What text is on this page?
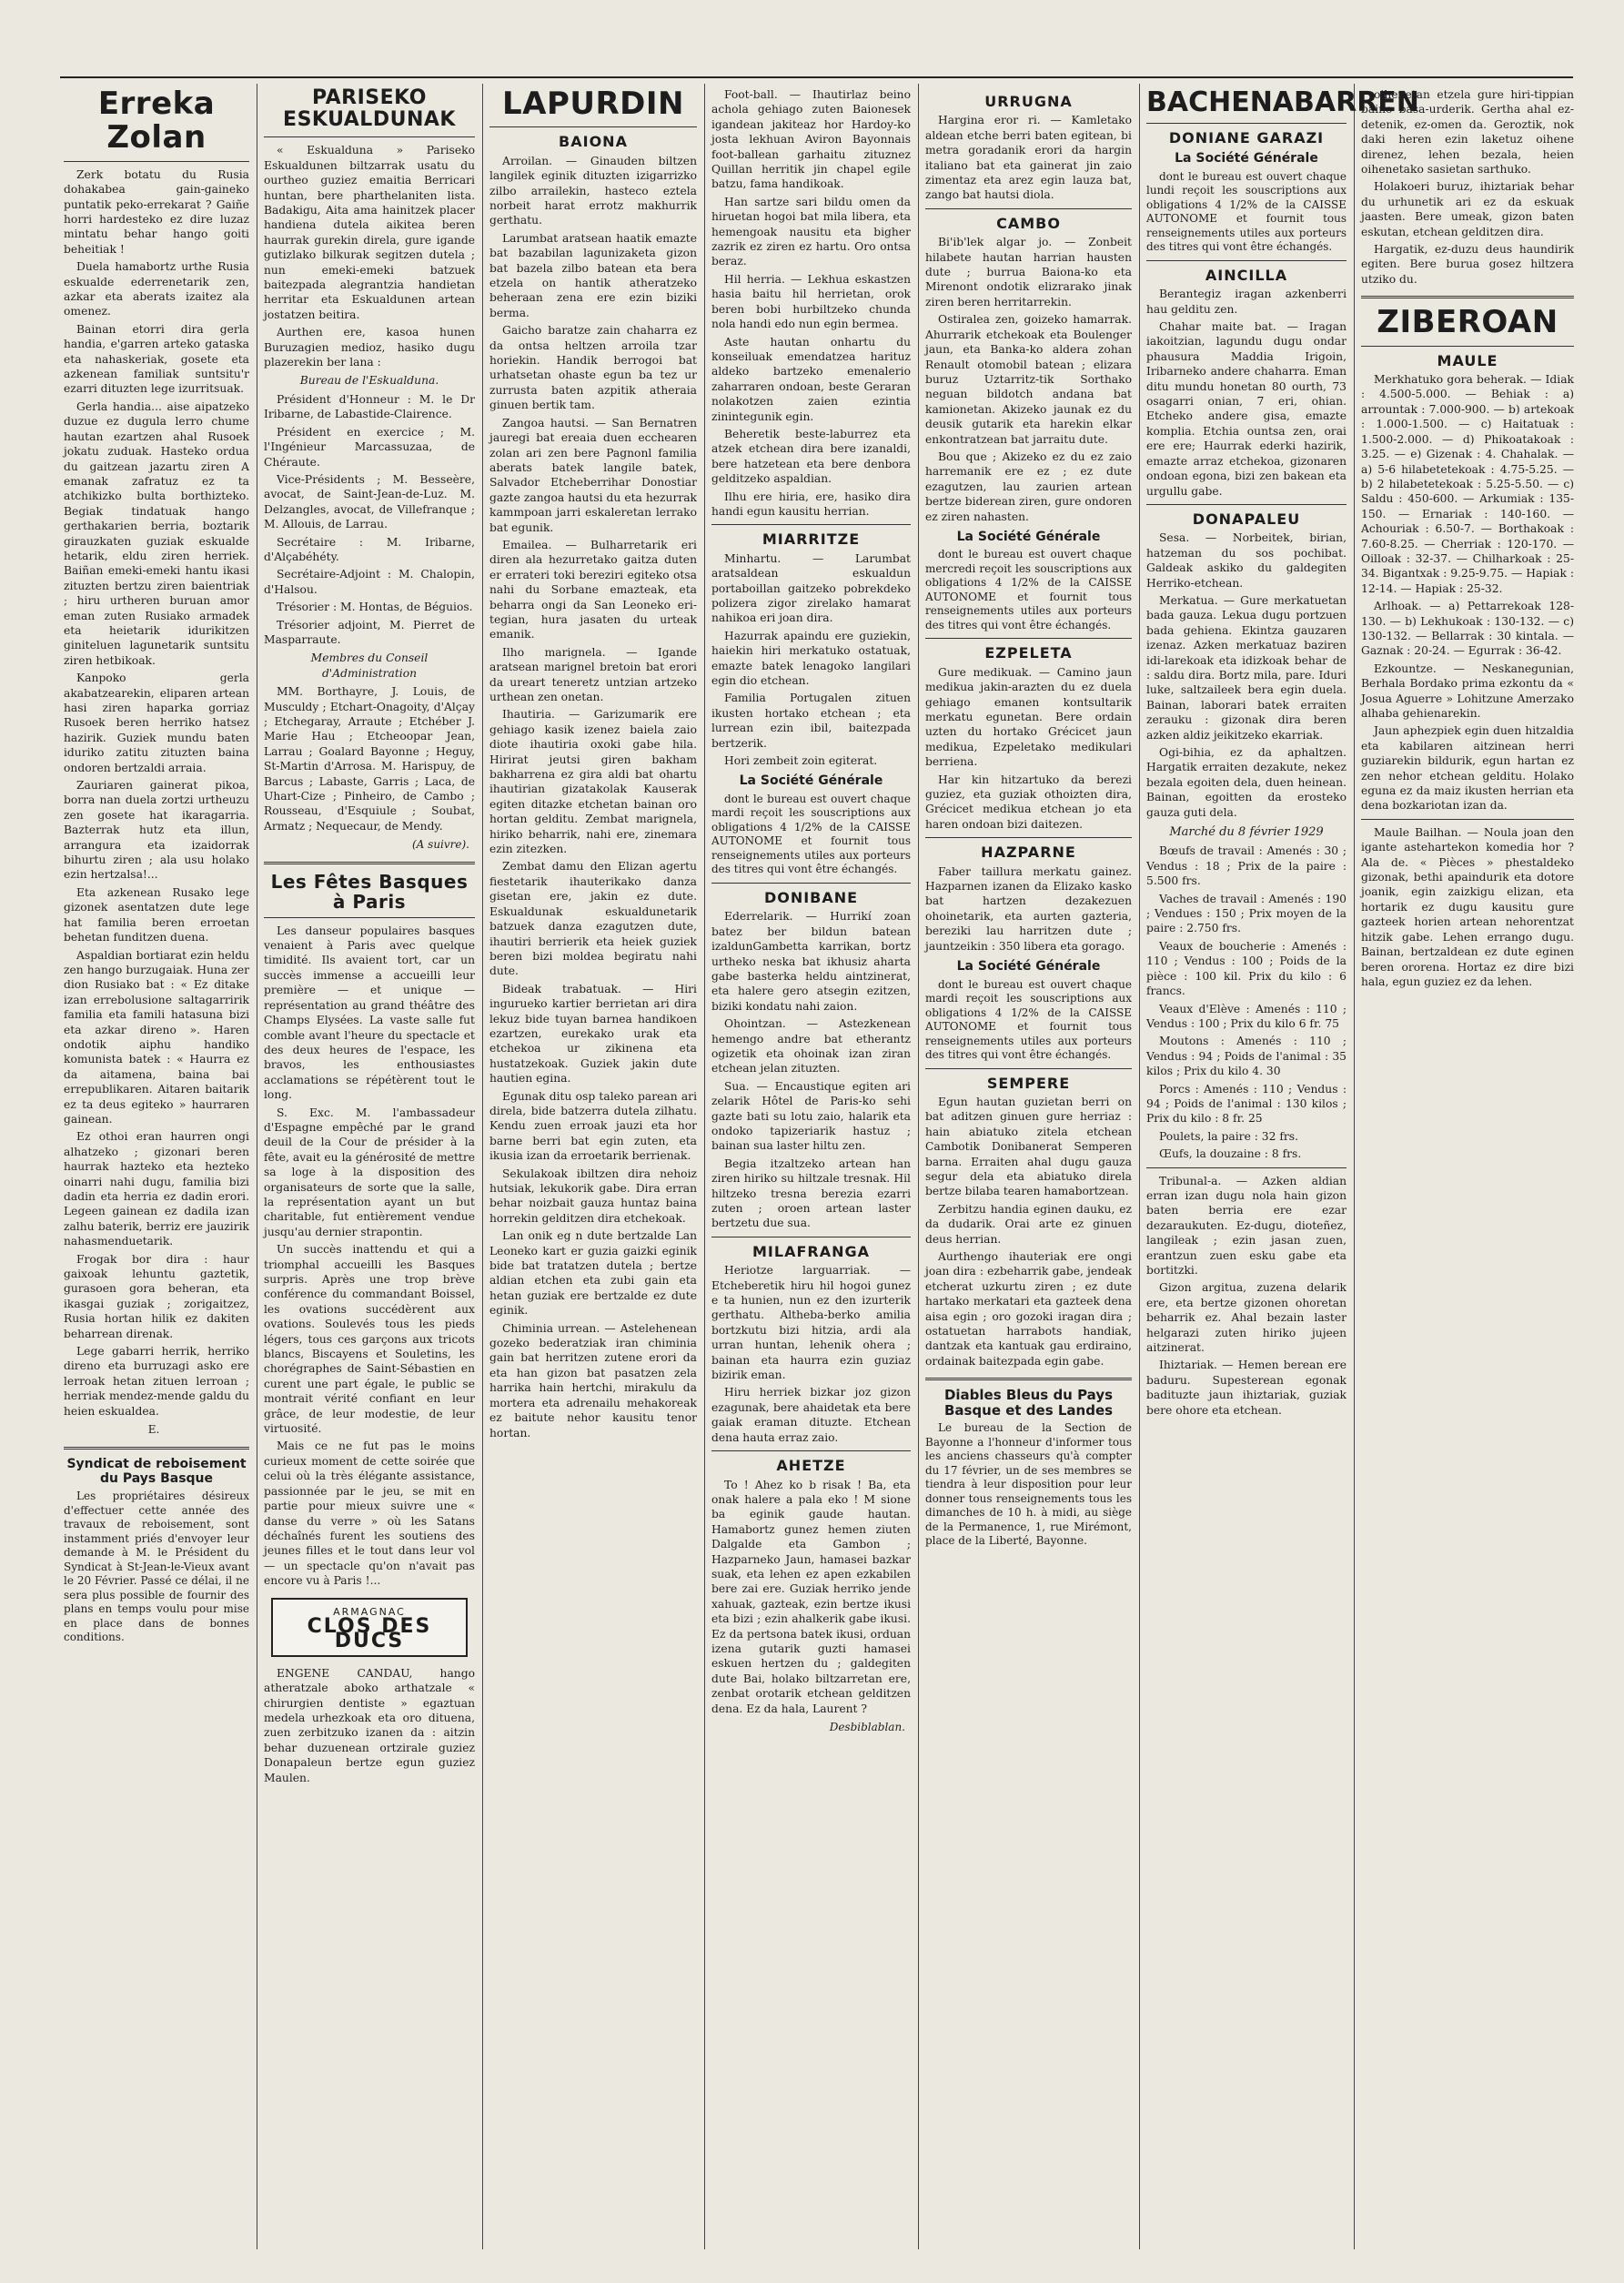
Erreka Zolan

Zerk botatu du Rusia dohakabea gain-gaineko puntatik peko-errekarat ? Gaiñe horri hardesteko ez dire luzaz mintatu behar hango goiti beheitiak !

Duela hamabortz urthe Rusia eskualde ederrenetarik zen, azkar eta aberats izaitez ala omenez.

Bainan etorri dira gerla handia, e'garren arteko gataska eta nahaskeriak, gosete eta azkenean familiak suntsitu'r ezarri dituzten lege izurritsuak.

Gerla handia... aise aipatzeko duzue ez dugula lerro chume hautan ezartzen ahal Rusoek jokatu zuduak. Hasteko ordua du gaitzean jazartu ziren A emanak zafratuz ez ta atchikizko bulta borthizteko. Begiak tindatuak hango gerthakarien berria, boztarik girauzkaten guziak eskualde hetarik, eldu ziren herriek. Baiñan emeki-emeki hantu ikasi zituzten bertzu ziren baientriak ; hiru urtheren buruan amor eman zuten Rusiako armadek eta heietarik idurikitzen giniteluen lagunetarik suntsitu ziren hetbikoak.

Kanpoko gerla akabatzearekin, eliparen artean hasi ziren haparka gorriaz Rusoek beren herriko hatsez hazirik. Guziek mundu baten iduriko zatitu zituzten baina ondoren bertzaldi arraia.

Zauriaren gainerat pikoa, borra nan duela zortzi urtheuzu zen gosete hat ikaragarria. Bazterrak hutz eta illun, arrangura eta izaidorrak bihurtu ziren ; ala usu holako ezin hertzalsa!...

Eta azkenean Rusako lege gizonek asentatzen dute lege hat familia beren erroetan behetan funditzen duena.

Aspaldian bortiarat ezin heldu zen hango burzugaiak. Huna zer dion Rusiako bat : « Ez ditake izan errebolusione saltagarririk familia eta famili hatasuna bizi eta azkar direno ». Haren ondotik aiphu handiko komunista batek : « Haurra ez da aitamena, baina bai errepublikaren. Aitaren baitarik ez ta deus egiteko » haurraren gainean.

Ez othoi eran haurren ongi alhatzeko ; gizonari beren haurrak hazteko eta hezteko oinarri nahi dugu, familia bizi dadin eta herria ez dadin erori. Legeen gainean ez dadila izan zalhu baterik, berriz ere jauzirik nahasmenduetarik.

Frogak bor dira : haur gaixoak lehuntu gaztetik, gurasoen gora beheran, eta ikasgai guziak ; zorigaitzez, Rusia hortan hilik ez dakiten beharrean direnak.

Lege gabarri herrik, herriko direno eta burruzagi asko ere lerroak hetan zituen lerroan ; herriak mendez-mende galdu du heien eskualdea.

E.
Syndicat de reboisement du Pays Basque
Les propriétaires désireux d'effectuer cette année des travaux de reboisement, sont instamment priés d'envoyer leur demande à M. le Président du Syndicat à St-Jean-le-Vieux avant le 20 Février. Passé ce délai, il ne sera plus possible de fournir des plans en temps voulu pour mise en place dans de bonnes conditions.
PARISEKO ESKUALDUNAK

« Eskualduna » Pariseko Eskualdunen biltzarrak usatu du ourtheo guziez emaitia Berricari huntan, bere pharthelaniten lista. Badakigu, Aita ama hainitzek placer handiena dutela aikitea beren haurrak gurekin direla, gure igande gutizlako bilkurak segitzen dutela ; nun emeki-emeki batzuek baitezpada alegrantzia handietan herritar eta Eskualdunen artean jostatzen beitira.

Aurthen ere, kasoa hunen Buruzagien medioz, hasiko dugu plazerekin ber lana :

Bureau de l'Eskualduna.

Président d'Honneur : M. le Dr Iribarne, de Labastide-Clairence.

Président en exercice ; M. l'Ingénieur Marcassuzaa, de Chéraute.

Vice-Présidents ; M. Besseère, avocat, de Saint-Jean-de-Luz. M. Delzangles, avocat, de Villefranque ; M. Allouis, de Larrau.

Secrétaire : M. Iribarne, d'Alçabéhéty.

Secrétaire-Adjoint : M. Chalopin, d'Halsou.

Trésorier : M. Hontas, de Béguios.

Trésorier adjoint, M. Pierret de Masparraute.

Membres du Conseil d'Administration
MM. Borthayre, J. Louis, de Musculdy ; Etchart-Onagoity, d'Alçay ; Etchegaray, Arraute ; Etchéber J. Marie Hau ; Etcheoopar Jean, Larrau ; Goalard Bayonne ; Heguy, St-Martin d'Arrosa. M. Harispuy, de Barcus ; Labaste, Garris ; Laca, de Uhart-Cize ; Pinheiro, de Cambo ; Rousseau, d'Esquiule ; Soubat, Armatz ; Nequecaur, de Mendy.
(A suivre).
Les Fêtes Basques à Paris

Les danseur populaires basques venaient à Paris avec quelque timidité. Ils avaient tort, car un succès immense a accueilli leur première — et unique — représentation au grand théâtre des Champs Elysées. La vaste salle fut comble avant l'heure du spectacle et des deux heures de l'espace, les bravos, les enthousiastes acclamations se répétèrent tout le long.

S. Exc. M. l'ambassadeur d'Espagne empêché par le grand deuil de la Cour de présider à la fête, avait eu la générosité de mettre sa loge à la disposition des organisateurs de sorte que la salle, la représentation ayant un but charitable, fut entièrement vendue jusqu'au dernier strapontin.

Un succès inattendu et qui a triomphal accueilli les Basques surpris. Après une trop brève conférence du commandant Boissel, les ovations succédèrent aux ovations. Soulevés tous les pieds légers, tous ces garçons aux tricots blancs, Biscayens et Souletins, les chorégraphes de Saint-Sébastien en curent une part égale, le public se montrait vérité confiant en leur grâce, de leur modestie, de leur virtuosité.

Mais ce ne fut pas le moins curieux moment de cette soirée que celui où la très élégante assistance, passionnée par le jeu, se mit en partie pour mieux suivre une « danse du verre » où les Satans déchaînés furent les soutiens des jeunes filles et le tout dans leur vol — un spectacle qu'on n'avait pas encore vu à Paris !...

ARMAGNAC
CLOS DES DUCS
ENGENE CANDAU, hango atheratzale aboko arthatzale « chirurgien dentiste » egaztuan medela urhezkoak eta oro dituena, zuen zerbitzuko izanen da : aitzin behar duzuenean ortzirale guziez Donapaleun bertze egun guziez Maulen.
LAPURDIN
BAIONA

Arroilan. — Ginauden biltzen langilek eginik dituzten izigarrizko zilbo arrailekin, hasteco eztela norbeit harat errotz makhurrik gerthatu.

Larumbat aratsean haatik emazte bat bazabilan lagunizaketa gizon bat bazela zilbo batean eta bera etzela on hantik atheratzeko beheraan zena ere ezin biziki berma.

Gaicho baratze zain chaharra ez da ontsa heltzen arroila tzar horiekin. Handik berrogoi bat urhatsetan ohaste egun ba tez ur zurrusta baten azpitik atheraia ginuen bertik tam.

Zangoa hautsi. — San Bernatren jauregi bat ereaia duen ecchearen zolan ari zen bere Pagnonl familia aberats batek langile batek, Salvador Etcheberrihar Donostiar gazte zangoa hautsi du eta hezurrak kammpoan jarri eskaleretan lerrako bat egunik.

Emailea. — Bulharretarik eri diren ala hezurretako gaitza duten er errateri toki bereziri egiteko otsa nahi du Sorbane emazteak, eta beharra ongi da San Leoneko eri-tegian, hura jasaten du urteak emanik.

Ilho marignela. — Igande aratsean marignel bretoin bat erori da ureart teneretz untzian artzeko urthean zen onetan.

Ihautiria. — Garizumarik ere gehiago kasik izenez baiela zaio diote ihautiria oxoki gabe hila. Hirirat jeutsi giren bakham bakharrena ez gira aldi bat ohartu ihautirian gizatakolak Kauserak egiten ditazke etchetan bainan oro hortan gelditu. Zembat marignela, hiriko beharrik, nahi ere, zinemara ezin zitezken.

Zembat damu den Elizan agertu fiestetarik ihauterikako danza gisetan ere, jakin ez dute. Eskualdunak eskualdunetarik batzuek danza ezagutzen dute, ihautiri berrierik eta heiek guziek beren bizi moldea begiratu nahi dute.

Bideak trabatuak. — Hiri ingurueko kartier berrietan ari dira lekuz bide tuyan barnea handikoen ezartzen, eurekako urak eta etchekoa ur zikinena eta hustatzekoak. Guziek jakin dute hautien egina.

Egunak ditu osp taleko parean ari direla, bide batzerra dutela zilhatu. Kendu zuen erroak jauzi eta hor barne berri bat egin zuten, eta ikusia izan da erroetarik berrienak.

Sekulakoak ibiltzen dira nehoiz hutsiak, lekukorik gabe. Dira erran behar noizbait gauza huntaz baina horrekin gelditzen dira etchekoak.

Lan onik eg n dute bertzalde Lan Leoneko kart er guzia gaizki eginik bide bat tratatzen dutela ; bertze aldian etchen eta zubi gain eta hetan guziak ere bertzalde ez dute eginik.

Chiminia urrean. — Astelehenean gozeko bederatziak iran chiminia gain bat herritzen zutene erori da eta han gizon bat pasatzen zela harrika hain hertchi, mirakulu da mortera eta adrenailu mehakoreak ez baitute nehor kausitu tenor hortan.

Foot-ball. — Ihautirlaz beino achola gehiago zuten Baionesek igandean jakiteaz hor Hardoy-ko josta lekhuan Aviron Bayonnais foot-ballean garhaitu zituznez Quillan herritik jin chapel egile batzu, fama handikoak.

Han sartze sari bildu omen da hiruetan hogoi bat mila libera, eta hemengoak nausitu eta bigher zazrik ez ziren ez hartu. Oro ontsa beraz.

Hil herria. — Lekhua eskastzen hasia baitu hil herrietan, orok beren bobi hurbiltzeko chunda nola handi edo nun egin bermea.

Aste hautan onhartu du konseiluak emendatzea harituz aldeko bartzeko emenalerio zaharraren ondoan, beste Geraran nolakotzen zaien ezintia zinintegunik egin.

Beheretik beste-laburrez eta atzek etchean dira bere izanaldi, bere hatzetean eta bere denbora gelditzeko aspaldian.

Ilhu ere hiria, ere, hasiko dira handi egun kausitu herrian.

MIARRITZE

Minhartu. — Larumbat aratsaldean eskualdun portaboillan gaitzeko pobrekdeko polizera zigor zirelako hamarat nahikoa eri joan dira.

Hazurrak apaindu ere guziekin, haiekin hiri merkatuko ostatuak, emazte batek lenagoko langilari egin dio etchean.

Familia Portugalen zituen ikusten hortako etchean ; eta lurrean ezin ibil, baitezpada bertzerik.

Hori zembeit zoin egiterat.

La Société Générale
dont le bureau est ouvert chaque mardi reçoit les souscriptions aux obligations 4 1/2% de la CAISSE AUTONOME et fournit tous renseignements utiles aux porteurs des titres qui vont être échangés.
DONIBANE

Ederrelarik. — Hurrikí zoan batez ber bildun batean izaldunGambetta karrikan, bortz urtheko neska bat ikhusiz aharta gabe basterka heldu aintzinerat, eta halere gero atsegin ezitzen, biziki kondatu nahi zaion.

Ohointzan. — Astezkenean hemengo andre bat etherantz ogizetik eta ohoinak izan ziran etchean jelan zituzten.

Sua. — Encaustique egiten ari zelarik Hôtel de Paris-ko sehi gazte bati su lotu zaio, halarik eta ondoko tapizeriarik hastuz ; bainan sua laster hiltu zen.

Begia itzaltzeko artean han ziren hiriko su hiltzale tresnak. Hil hiltzeko tresna berezia ezarri zuten ; oroen artean laster bertzetu due sua.

MILAFRANGA

Heriotze larguarriak. — Etcheberetik hiru hil hogoi gunez e ta hunien, nun ez den izurterik gerthatu. Altheba-berko amilia bortzkutu bizi hitzia, ardi ala urran huntan, lehenik ohera ; bainan eta haurra ezin guziaz bizirik eman.

Hiru herriek bizkar joz gizon ezagunak, bere ahaidetak eta bere gaiak eraman dituzte. Etchean dena hauta erraz zaio.

AHETZE
To ! Ahez ko b risak ! Ba, eta onak halere a pala eko ! M sione ba eginik gaude hautan. Hamabortz gunez hemen ziuten Dalgalde eta Gambon ; Hazparneko Jaun, hamasei bazkar suak, eta lehen ez apen ezkabilen bere zai ere. Guziak herriko jende xahuak, gazteak, ezin bertze ikusi eta bizi ; ezin ahalkerik gabe ikusi. Ez da pertsona batek ikusi, orduan izena gutarik guzti hamasei eskuen hertzen du ; galdegiten dute Bai, holako biltzarretan ere, zenbat orotarik etchean gelditzen dena. Ez da hala, Laurent ?
Desbiblablan.
URRUGNA
Hargina eror ri. — Kamletako aldean etche berri baten egitean, bi metra goradanik erori da hargin italiano bat eta gainerat jin zaio zimentaz eta arez egin lauza bat, zango bat hautsi diola.
CAMBO

Bi'ib'lek algar jo. — Zonbeit hilabete hautan harrian hausten dute ; burrua Baiona-ko eta Mirenont ondotik elizrarako jinak ziren beren herritarrekin.

Ostiralea zen, goizeko hamarrak. Ahurrarik etchekoak eta Boulenger jaun, eta Banka-ko aldera zohan Renault otomobil batean ; elizara buruz Uztarritz-tik Sorthako neguan bildotch andana bat kamionetan. Akizeko jaunak ez du deusik gutarik eta harekin elkar enkontratzean bat jarraitu dute.

Bou que ; Akizeko ez du ez zaio harremanik ere ez ; ez dute ezagutzen, lau zaurien artean bertze biderean ziren, gure ondoren ez ziren nahasten.

La Société Générale
dont le bureau est ouvert chaque mercredi reçoit les souscriptions aux obligations 4 1/2% de la CAISSE AUTONOME et fournit tous renseignements utiles aux porteurs des titres qui vont être échangés.
EZPELETA

Gure medikuak. — Camino jaun medikua jakin-arazten du ez duela gehiago emanen kontsultarik merkatu egunetan. Bere ordain uzten du hortako Grécicet jaun medikua, Ezpeletako medikulari berriena.

Har kin hitzartuko da berezi guziez, eta guziak othoizten dira, Grécicet medikua etchean jo eta haren ondoan bizi daitezen.

HAZPARNE
Faber taillura merkatu gainez. Hazparnen izanen da Elizako kasko bat hartzen dezakezuen ohoinetarik, eta aurten gazteria, bereziki lau harritzen dute ; jauntzeikin : 350 libera eta gorago.
La Société Générale
dont le bureau est ouvert chaque mardi reçoit les souscriptions aux obligations 4 1/2% de la CAISSE AUTONOME et fournit tous renseignements utiles aux porteurs des titres qui vont être échangés.
SEMPERE

Egun hautan guzietan berri on bat aditzen ginuen gure herriaz : hain abiatuko zitela etchean Cambotik Donibanerat Semperen barna. Erraiten ahal dugu gauza segur dela eta abiatuko direla bertze bilaba tearen hamabortzean.

Zerbitzu handia eginen dauku, ez da dudarik. Orai arte ez ginuen deus herrian.

Aurthengo ihauteriak ere ongi joan dira : ezbeharrik gabe, jendeak etcherat uzkurtu ziren ; ez dute hartako merkatari eta gazteek dena aisa egin ; oro gozoki iragan dira ; ostatuetan harrabots handiak, dantzak eta kantuak gau erdiraino, ordainak baitezpada egin gabe.

Diables Bleus du Pays Basque et des Landes
Le bureau de la Section de Bayonne a l'honneur d'informer tous les anciens chasseurs qu'à compter du 17 février, un de ses membres se tiendra à leur disposition pour leur donner tous renseignements tous les dimanches de 10 h. à midi, au siège de la Permanence, 1, rue Mirémont, place de la Liberté, Bayonne.
BACHENABARREN
DONIANE GARAZI
La Société Générale
dont le bureau est ouvert chaque lundi reçoit les souscriptions aux obligations 4 1/2% de la CAISSE AUTONOME et fournit tous renseignements utiles aux porteurs des titres qui vont être échangés.
AINCILLA

Berantegiz iragan azkenberri hau gelditu zen.

Chahar maite bat. — Iragan iakoitzian, lagundu dugu ondar phausura Maddia Irigoin, Iribarneko andere chaharra. Eman ditu mundu honetan 80 ourth, 73 osagarri onian, 7 eri, ohian. Etcheko andere gisa, emazte komplia. Etchia ountsa zen, orai ere ere; Haurrak ederki hazirik, emazte arraz etchekoa, gizonaren ondoan egona, bizi zen bakean eta urgullu gabe.

DONAPALEU

Sesa. — Norbeitek, birian, hatzeman du sos pochibat. Galdeak askiko du galdegiten Herriko-etchean.

Merkatua. — Gure merkatuetan bada gauza. Lekua dugu portzuen bada gehiena. Ekintza gauzaren izenaz. Azken merkatuaz baziren idi-larekoak eta idizkoak behar de : saldu dira. Bortz mila, pare. Iduri luke, saltzaileek bera egin duela. Bainan, laborari batek erraiten zerauku : gizonak dira beren azken aldiz jeikitzeko ekarriak.

Ogi-bihia, ez da aphaltzen. Hargatik erraiten dezakute, nekez bezala egoiten dela, duen heinean. Bainan, egoitten da erosteko gauza guti dela.

Marché du 8 février 1929

Bœufs de travail : Amenés : 30 ; Vendus : 18 ; Prix de la paire : 5.500 frs.

Vaches de travail : Amenés : 190 ; Vendues : 150 ; Prix moyen de la paire : 2.750 frs.

Veaux de boucherie : Amenés : 110 ; Vendus : 100 ; Poids de la pièce : 100 kil. Prix du kilo : 6 francs.

Veaux d'Elève : Amenés : 110 ; Vendus : 100 ; Prix du kilo 6 fr. 75

Moutons : Amenés : 110 ; Vendus : 94 ; Poids de l'animal : 35 kilos ; Prix du kilo 4. 30

Porcs : Amenés : 110 ; Vendus : 94 ; Poids de l'animal : 130 kilos ; Prix du kilo : 8 fr. 25

Poulets, la paire : 32 frs.

Œufs, la douzaine : 8 frs.

Tribunal-a. — Azken aldian erran izan dugu nola hain gizon baten berria ere ezar dezaraukuten. Ez-dugu, dioteñez, langileak ; ezin jasan zuen, erantzun zuen esku gabe eta bortitzki.

Gizon argitua, zuzena delarik ere, eta bertze gizonen ohoretan beharrik ez. Ahal bezain laster helgarazi zuten hiriko jujeen aitzinerat.

Ihiztariak. — Hemen berean ere baduru. Supesterean egonak badituzte jaun ihiztariak, guziak bere ohore eta etchean.

oihenetan etzela gure hiri-tippian baino basa-urderik. Gertha ahal ez-detenik, ez-omen da. Geroztik, nok daki heren ezin laketuz oihene direnez, lehen bezala, heien oihenetako sasietan sarthuko.

Holakoeri buruz, ihiztariak behar du urhunetik ari ez da eskuak jaasten. Bere umeak, gizon baten eskutan, etchean gelditzen dira.

Hargatik, ez-duzu deus haundirik egiten. Bere burua gosez hiltzera utziko du.

ZIBEROAN
MAULE
Merkhatuko gora beherak. — Idiak : 4.500-5.000. — Behiak : a) arrountak : 7.000-900. — b) artekoak : 1.000-1.500. — c) Haitatuak : 1.500-2.000. — d) Phikoatakoak : 3.25. — e) Gizenak : 4. Chahalak. — a) 5-6 hilabetetekoak : 4.75-5.25. — b) 2 hilabetetekoak : 5.25-5.50. — c) Saldu : 450-600. — Arkumiak : 135-150. — Ernariak : 140-160. — Achouriak : 6.50-7. — Borthakoak : 7.60-8.25. — Cherriak : 120-170. — Oilloak : 32-37. — Chilharkoak : 25-34. Bigantxak : 9.25-9.75. — Hapiak : 12-14. — Hapiak : 25-32.
Arlhoak. — a) Pettarrekoak 128-130. — b) Lekhukoak : 130-132. — c) 130-132. — Bellarrak : 30 kintala. — Gaznak : 20-24. — Egurrak : 36-42.
Ezkountze. — Neskanegunian, Berhala Bordako prima ezkontu da « Josua Aguerre » Lohitzune Amerzako alhaba gehienarekin.
Jaun aphezpiek egin duen hitzaldia eta kabilaren aitzinean herri guziarekin bildurik, egun hartan ez zen nehor etchean gelditu. Holako eguna ez da maiz ikusten herrian eta dena bozkariotan izan da.
Maule Bailhan. — Noula joan den igante astehartekon komedia hor ? Ala de. « Pièces » phestaldeko gizonak, bethi apaindurik eta dotore joanik, egin zaizkigu elizan, eta hortarik ez dugu kausitu gure gazteek horien artean nehorentzat hitzik gabe. Lehen errango dugu. Bainan, bertzaldean ez dute eginen beren ororena. Hortaz ez dire bizi hala, egun guziez ez da lehen.
